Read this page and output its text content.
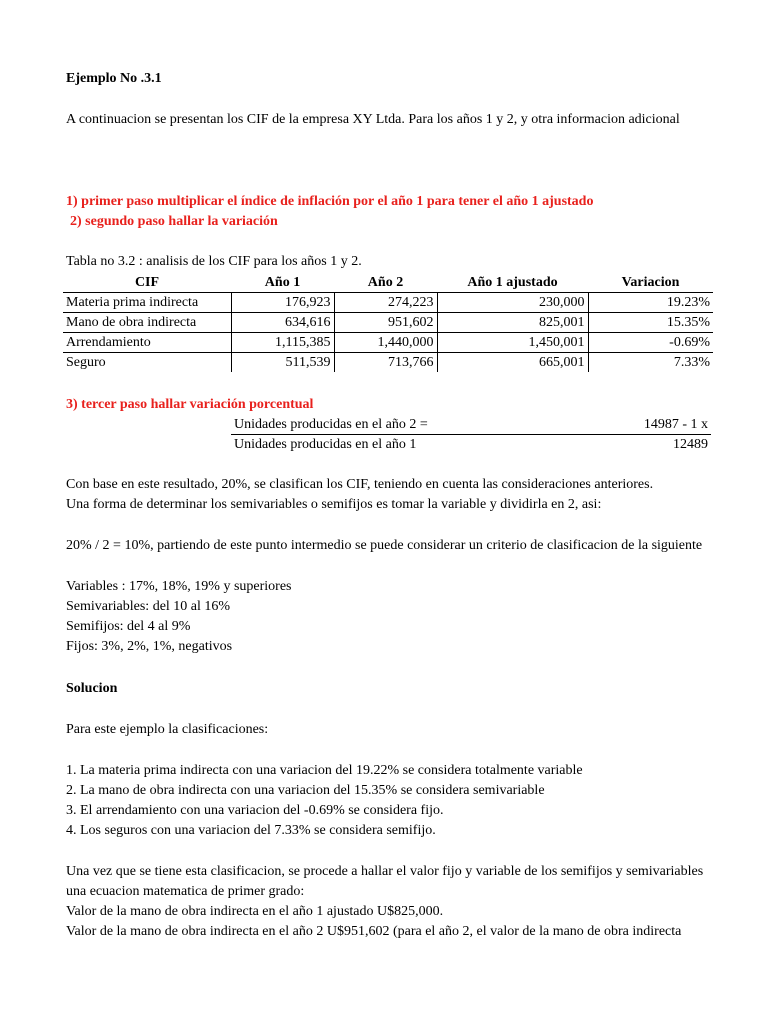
Ejemplo No .3.1
A continuacion se presentan los CIF de la empresa XY Ltda. Para los años 1 y 2, y otra informacion adicional
1) primer paso multiplicar el índice de inflación por el año 1 para tener el año 1 ajustado
2) segundo paso hallar la variación
Tabla no 3.2 : analisis de los CIF para los años 1 y 2.
CIF	Año 1	Año 2	Año 1 ajustado	Variacion
Materia prima indirecta	176,923	274,223	230,000	19.23%
Mano de obra indirecta	634,616	951,602	825,001	15.35%
Arrendamiento	1,115,385	1,440,000	1,450,001	-0.69%
Seguro	511,539	713,766	665,001	7.33%
3) tercer paso hallar variación porcentual
Unidades producidas en el año 2 =	14987 - 1 x
Unidades producidas en el año 1	12489
Con base en este resultado, 20%, se clasifican los CIF, teniendo en cuenta las consideraciones anteriores.
Una forma de determinar los semivariables o semifijos es tomar la variable y dividirla en 2, asi:
20% / 2 = 10%, partiendo de este punto intermedio se puede considerar un criterio de clasificacion de la siguiente
Variables : 17%, 18%, 19% y superiores
Semivariables: del 10 al 16%
Semifijos: del 4 al 9%
Fijos: 3%, 2%, 1%, negativos
Solucion
Para este ejemplo la clasificaciones:
1. La materia prima indirecta con una variacion del 19.22% se considera totalmente variable
2. La mano de obra indirecta con una variacion del 15.35% se considera semivariable
3. El arrendamiento con una variacion del -0.69% se considera fijo.
4. Los seguros con una variacion del 7.33% se considera semifijo.
Una vez que se tiene esta clasificacion, se procede a hallar el valor fijo y variable de los semifijos y semivariables
una ecuacion matematica de primer grado:
Valor de la mano de obra indirecta en el año 1 ajustado U$825,000.
Valor de la mano de obra indirecta en el año 2 U$951,602 (para el año 2, el valor de la mano de obra indirecta
